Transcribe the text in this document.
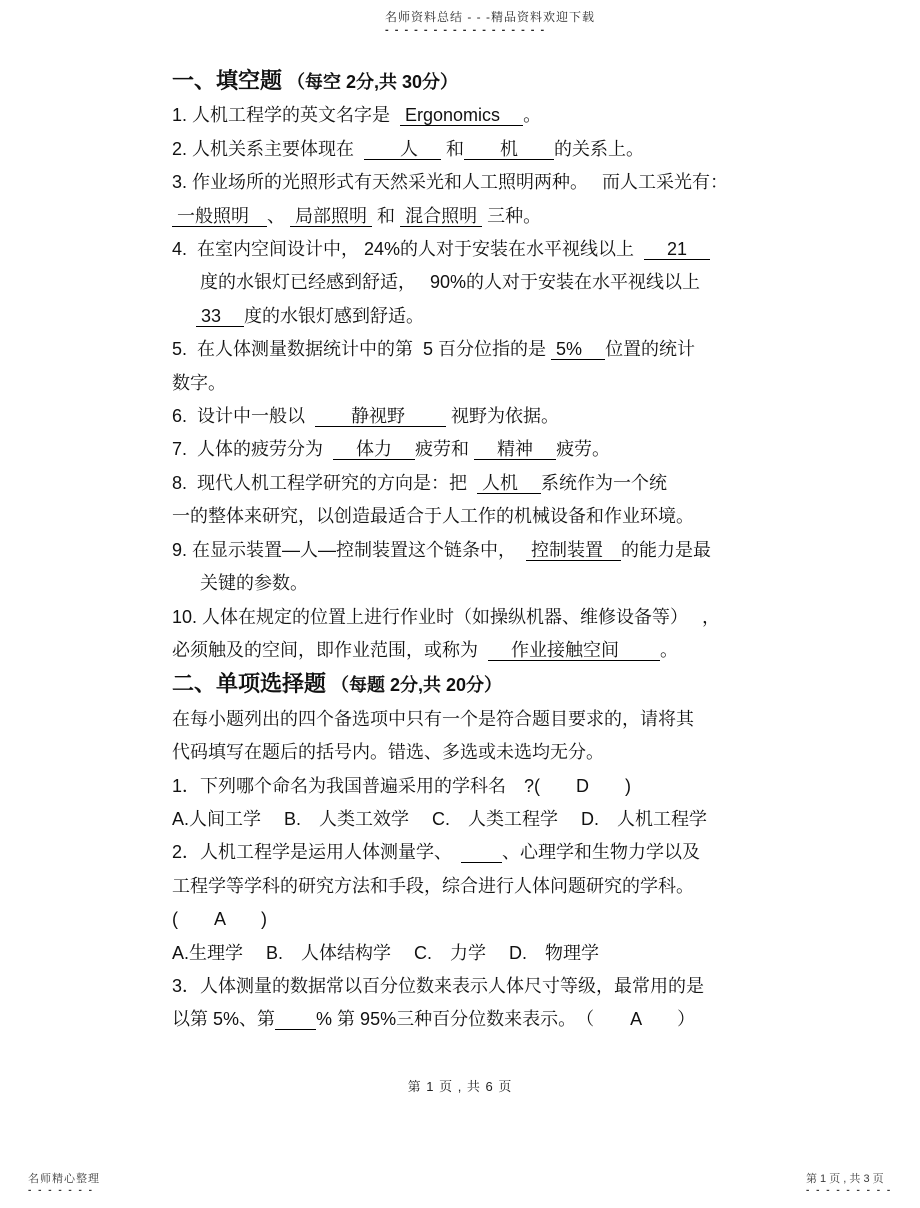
名师资料总结 - - -精品资料欢迎下载
- - - - - - - - - - - - - - - - -

一、填空题 （每空 2分,共 30分）

1. 人机工程学的英文名字是   Ergonomics　 。

2. 人机关系主要体现在  　　人　  和　　机　　的关系上。

3. 作业场所的光照形式有天然采光和人工照明两种。　 而人工采光有：

一般照明　、  局部照明  和  混合照明  三种。

4.  在室内空间设计中， 24%的人对于安装在水平视线以上  　 21　

度的水银灯已经感到舒适，　 90%的人对于安装在水平视线以上

33　 度的水银灯感到舒适。

5.  在人体测量数据统计中的第  5 百分位指的是  5%　 位置的统计

数字。

6.  设计中一般以  　　静视野　　  视野为依据。

7.  人体的疲劳分为  　 体力　 疲劳和 　 精神　 疲劳。

8.  现代人机工程学研究的方向是：把   人机　 系统作为一个统

一的整体来研究，以创造最适合于人工作的机械设备和作业环境。

9. 在显示装置—人—控制装置这个链条中，   控制装置　的能力是最

关键的参数。

10. 人体在规定的位置上进行作业时（如操纵机器、维修设备等）　 ，

必须触及的空间，即作业范围，或称为  　 作业接触空间　　 。

二、单项选择题 （每题 2分,共 20分）

在每小题列出的四个备选项中只有一个是符合题目要求的，请将其

代码填写在题后的括号内。错选、多选或未选均无分。

1．下列哪个命名为我国普遍采用的学科名　?(　　D　　)

A.人间工学　 B.　人类工效学　 C.　人类工程学　 D.　人机工程学

2．人机工程学是运用人体测量学、　　　 、心理学和生物力学以及

工程学等学科的研究方法和手段，综合进行人体问题研究的学科。

(　　A　　)

A.生理学　 B.　人体结构学　 C.　力学　 D.　物理学

3．人体测量的数据常以百分位数来表示人体尺寸等级，最常用的是

以第 5%、第　　 % 第 95%三种百分位数来表示。　（　　A　　）

第 1 页 , 共 6 页
名师精心整理
- - - - - - -
第 1 页 , 共 3 页
- - - - - - - - -
